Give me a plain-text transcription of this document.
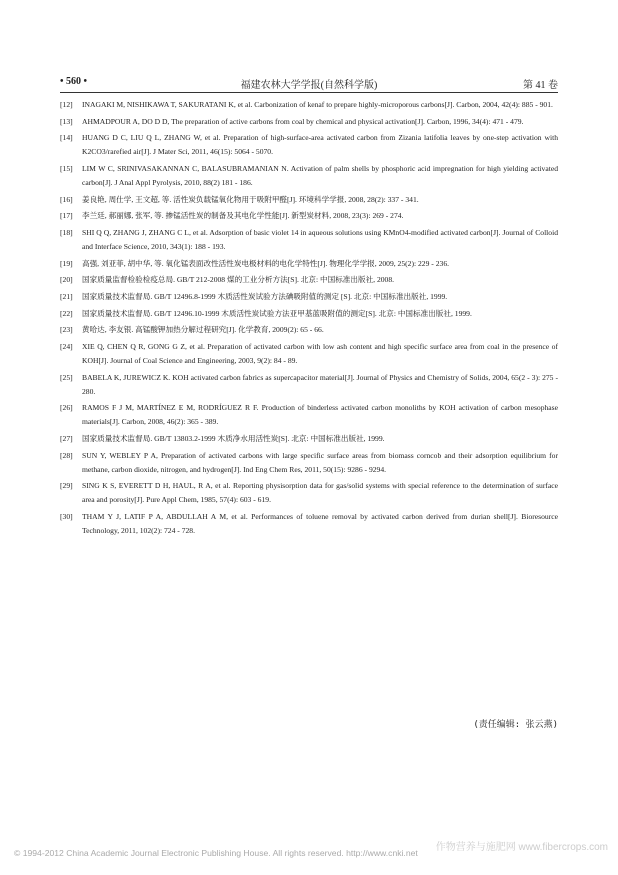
• 560 •	福建农林大学学报(自然科学版)	第 41 卷
[12]	INAGAKI M, NISHIKAWA T, SAKURATANI K, et al. Carbonization of kenaf to prepare highly-microporous carbons[J]. Carbon, 2004, 42(4): 885 - 901.
[13]	AHMADPOUR A, DO D D, The preparation of active carbons from coal by chemical and physical activation[J]. Carbon, 1996, 34(4): 471 - 479.
[14]	HUANG D C, LIU Q L, ZHANG W, et al. Preparation of high-surface-area activated carbon from Zizania latifolia leaves by one-step activation with K2CO3/rarefied air[J]. J Mater Sci, 2011, 46(15): 5064 - 5070.
[15]	LIM W C, SRINIVASAKANNAN C, BALASUBRAMANIAN N. Activation of palm shells by phosphoric acid impregnation for high yielding activated carbon[J]. J Anal Appl Pyrolysis, 2010, 88(2) 181 - 186.
[16]	姜良艳, 周仕学, 王文超, 等. 活性炭负载锰氧化物用于吸附甲醛[J]. 环境科学学报, 2008, 28(2): 337 - 341.
[17]	李兰廷, 郝丽娜, 张军, 等. 掺锰活性炭的制备及其电化学性能[J]. 新型炭材料, 2008, 23(3): 269 - 274.
[18]	SHI Q Q, ZHANG J, ZHANG C L, et al. Adsorption of basic violet 14 in aqueous solutions using KMnO4-modified activated carbon[J]. Journal of Colloid and Interface Science, 2010, 343(1): 188 - 193.
[19]	高强, 刘亚菲, 胡中华, 等. 氧化锰表面改性活性炭电极材料的电化学特性[J]. 物理化学学报, 2009, 25(2): 229 - 236.
[20]	国家质量监督检验检疫总局. GB/T 212-2008 煤的工业分析方法[S]. 北京: 中国标准出版社, 2008.
[21]	国家质量技术监督局. GB/T 12496.8-1999 木质活性炭试验方法碘吸附值的测定 [S]. 北京: 中国标准出版社, 1999.
[22]	国家质量技术监督局. GB/T 12496.10-1999 木质活性炭试验方法亚甲基蓝吸附值的测定[S]. 北京: 中国标准出版社, 1999.
[23]	黄哈达, 李友银. 高锰酸钾加热分解过程研究[J]. 化学教育, 2009(2): 65 - 66.
[24]	XIE Q, CHEN Q R, GONG G Z, et al. Preparation of activated carbon with low ash content and high specific surface area from coal in the presence of KOH[J]. Journal of Coal Science and Engineering, 2003, 9(2): 84 - 89.
[25]	BABELA K, JUREWICZ K. KOH activated carbon fabrics as supercapacitor material[J]. Journal of Physics and Chemistry of Solids, 2004, 65(2 - 3): 275 - 280.
[26]	RAMOS F J M, MARTÍNEZ E M, RODRÍGUEZ R F. Production of binderless activated carbon monoliths by KOH activation of carbon mesophase materials[J]. Carbon, 2008, 46(2): 365 - 389.
[27]	国家质量技术监督局. GB/T 13803.2-1999 木质净水用活性炭[S]. 北京: 中国标准出版社, 1999.
[28]	SUN Y, WEBLEY P A, Preparation of activated carbons with large specific surface areas from biomass corncob and their adsorption equilibrium for methane, carbon dioxide, nitrogen, and hydrogen[J]. Ind Eng Chem Res, 2011, 50(15): 9286 - 9294.
[29]	SING K S, EVERETT D H, HAUL, R A, et al. Reporting physisorption data for gas/solid systems with special reference to the determination of surface area and porosity[J]. Pure Appl Chem, 1985, 57(4): 603 - 619.
[30]	THAM Y J, LATIF P A, ABDULLAH A M, et al. Performances of toluene removal by activated carbon derived from durian shell[J]. Bioresource Technology, 2011, 102(2): 724 - 728.
(责任编辑: 张云燕)
© 1994-2012 China Academic Journal Electronic Publishing House. All rights reserved. http://www.cnki.net	作物营养与施肥网 www.fibercrops.com
